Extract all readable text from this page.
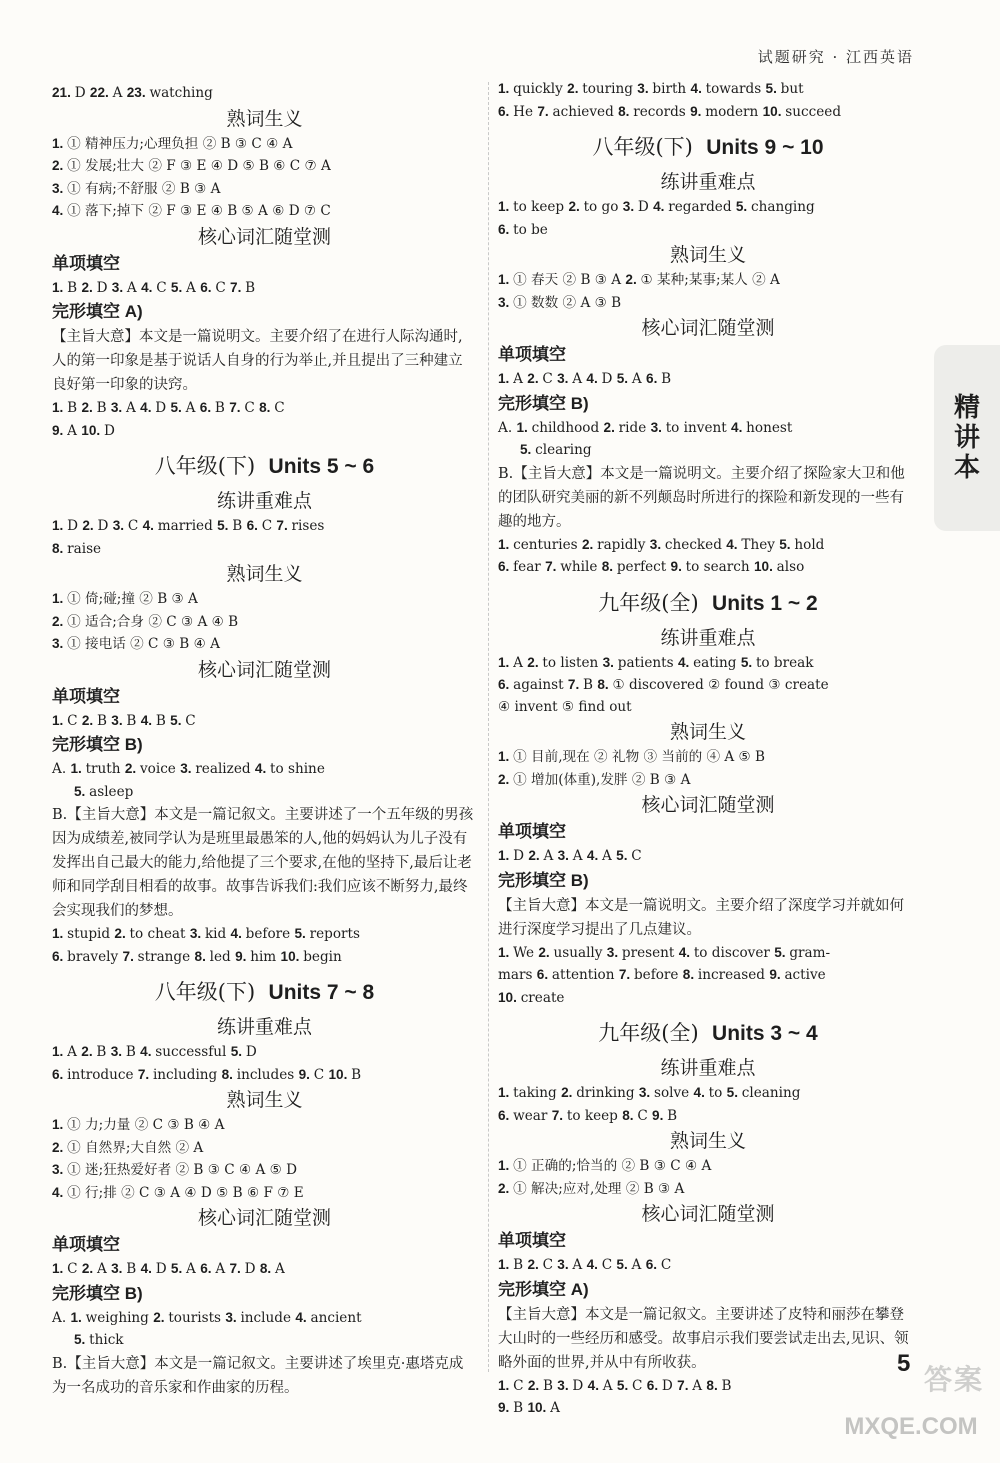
试题研究 · 江西英语
21. D 22. A 23. watching
熟词生义
1. ① 精神压力;心理负担 ② B ③ C ④ A
2. ① 发展;壮大 ② F ③ E ④ D ⑤ B ⑥ C ⑦ A
3. ① 有病;不舒服 ② B ③ A
4. ① 落下;掉下 ② F ③ E ④ B ⑤ A ⑥ D ⑦ C
核心词汇随堂测
单项填空
1. B 2. D 3. A 4. C 5. A 6. C 7. B
完形填空 A)
【主旨大意】本文是一篇说明文。主要介绍了在进行人际沟通时,人的第一印象是基于说话人自身的行为举止,并且提出了三种建立良好第一印象的诀窍。
1. B 2. B 3. A 4. D 5. A 6. B 7. C 8. C
9. A 10. D
八年级(下) Units 5 ~ 6
练讲重难点
1. D 2. D 3. C 4. married 5. B 6. C 7. rises
8. raise
熟词生义
1. ① 倚;碰;撞 ② B ③ A
2. ① 适合;合身 ② C ③ A ④ B
3. ① 接电话 ② C ③ B ④ A
核心词汇随堂测
单项填空
1. C 2. B 3. B 4. B 5. C
完形填空 B)
A. 1. truth 2. voice 3. realized 4. to shine
5. asleep
B.【主旨大意】本文是一篇记叙文。主要讲述了一个五年级的男孩因为成绩差,被同学认为是班里最愚笨的人,他的妈妈认为儿子没有发挥出自己最大的能力,给他提了三个要求,在他的坚持下,最后让老师和同学刮目相看的故事。故事告诉我们:我们应该不断努力,最终会实现我们的梦想。
1. stupid 2. to cheat 3. kid 4. before 5. reports
6. bravely 7. strange 8. led 9. him 10. begin
八年级(下) Units 7 ~ 8
练讲重难点
1. A 2. B 3. B 4. successful 5. D
6. introduce 7. including 8. includes 9. C 10. B
熟词生义
1. ① 力;力量 ② C ③ B ④ A
2. ① 自然界;大自然 ② A
3. ① 迷;狂热爱好者 ② B ③ C ④ A ⑤ D
4. ① 行;排 ② C ③ A ④ D ⑤ B ⑥ F ⑦ E
核心词汇随堂测
单项填空
1. C 2. A 3. B 4. D 5. A 6. A 7. D 8. A
完形填空 B)
A. 1. weighing 2. tourists 3. include 4. ancient
5. thick
B.【主旨大意】本文是一篇记叙文。主要讲述了埃里克·惠塔克成为一名成功的音乐家和作曲家的历程。
1. quickly 2. touring 3. birth 4. towards 5. but
6. He 7. achieved 8. records 9. modern 10. succeed
八年级(下) Units 9 ~ 10
练讲重难点
1. to keep 2. to go 3. D 4. regarded 5. changing
6. to be
熟词生义
1. ① 春天 ② B ③ A 2. ① 某种;某事;某人 ② A
3. ① 数数 ② A ③ B
核心词汇随堂测
单项填空
1. A 2. C 3. A 4. D 5. A 6. B
完形填空 B)
A. 1. childhood 2. ride 3. to invent 4. honest
5. clearing
B.【主旨大意】本文是一篇说明文。主要介绍了探险家大卫和他的团队研究美丽的新不列颠岛时所进行的探险和新发现的一些有趣的地方。
1. centuries 2. rapidly 3. checked 4. They 5. hold
6. fear 7. while 8. perfect 9. to search 10. also
九年级(全) Units 1 ~ 2
练讲重难点
1. A 2. to listen 3. patients 4. eating 5. to break
6. against 7. B 8. ① discovered ② found ③ create
④ invent ⑤ find out
熟词生义
1. ① 目前,现在 ② 礼物 ③ 当前的 ④ A ⑤ B
2. ① 增加(体重),发胖 ② B ③ A
核心词汇随堂测
单项填空
1. D 2. A 3. A 4. A 5. C
完形填空 B)
【主旨大意】本文是一篇说明文。主要介绍了深度学习并就如何进行深度学习提出了几点建议。
1. We 2. usually 3. present 4. to discover 5. gram-
mars 6. attention 7. before 8. increased 9. active
10. create
九年级(全) Units 3 ~ 4
练讲重难点
1. taking 2. drinking 3. solve 4. to 5. cleaning
6. wear 7. to keep 8. C 9. B
熟词生义
1. ① 正确的;恰当的 ② B ③ C ④ A
2. ① 解决;应对,处理 ② B ③ A
核心词汇随堂测
单项填空
1. B 2. C 3. A 4. C 5. A 6. C
完形填空 A)
【主旨大意】本文是一篇记叙文。主要讲述了皮特和丽莎在攀登大山时的一些经历和感受。故事启示我们要尝试走出去,见识、领略外面的世界,并从中有所收获。
1. C 2. B 3. D 4. A 5. C 6. D 7. A 8. B
9. B 10. A
精
讲
本
5 答案
MXQE.COM
